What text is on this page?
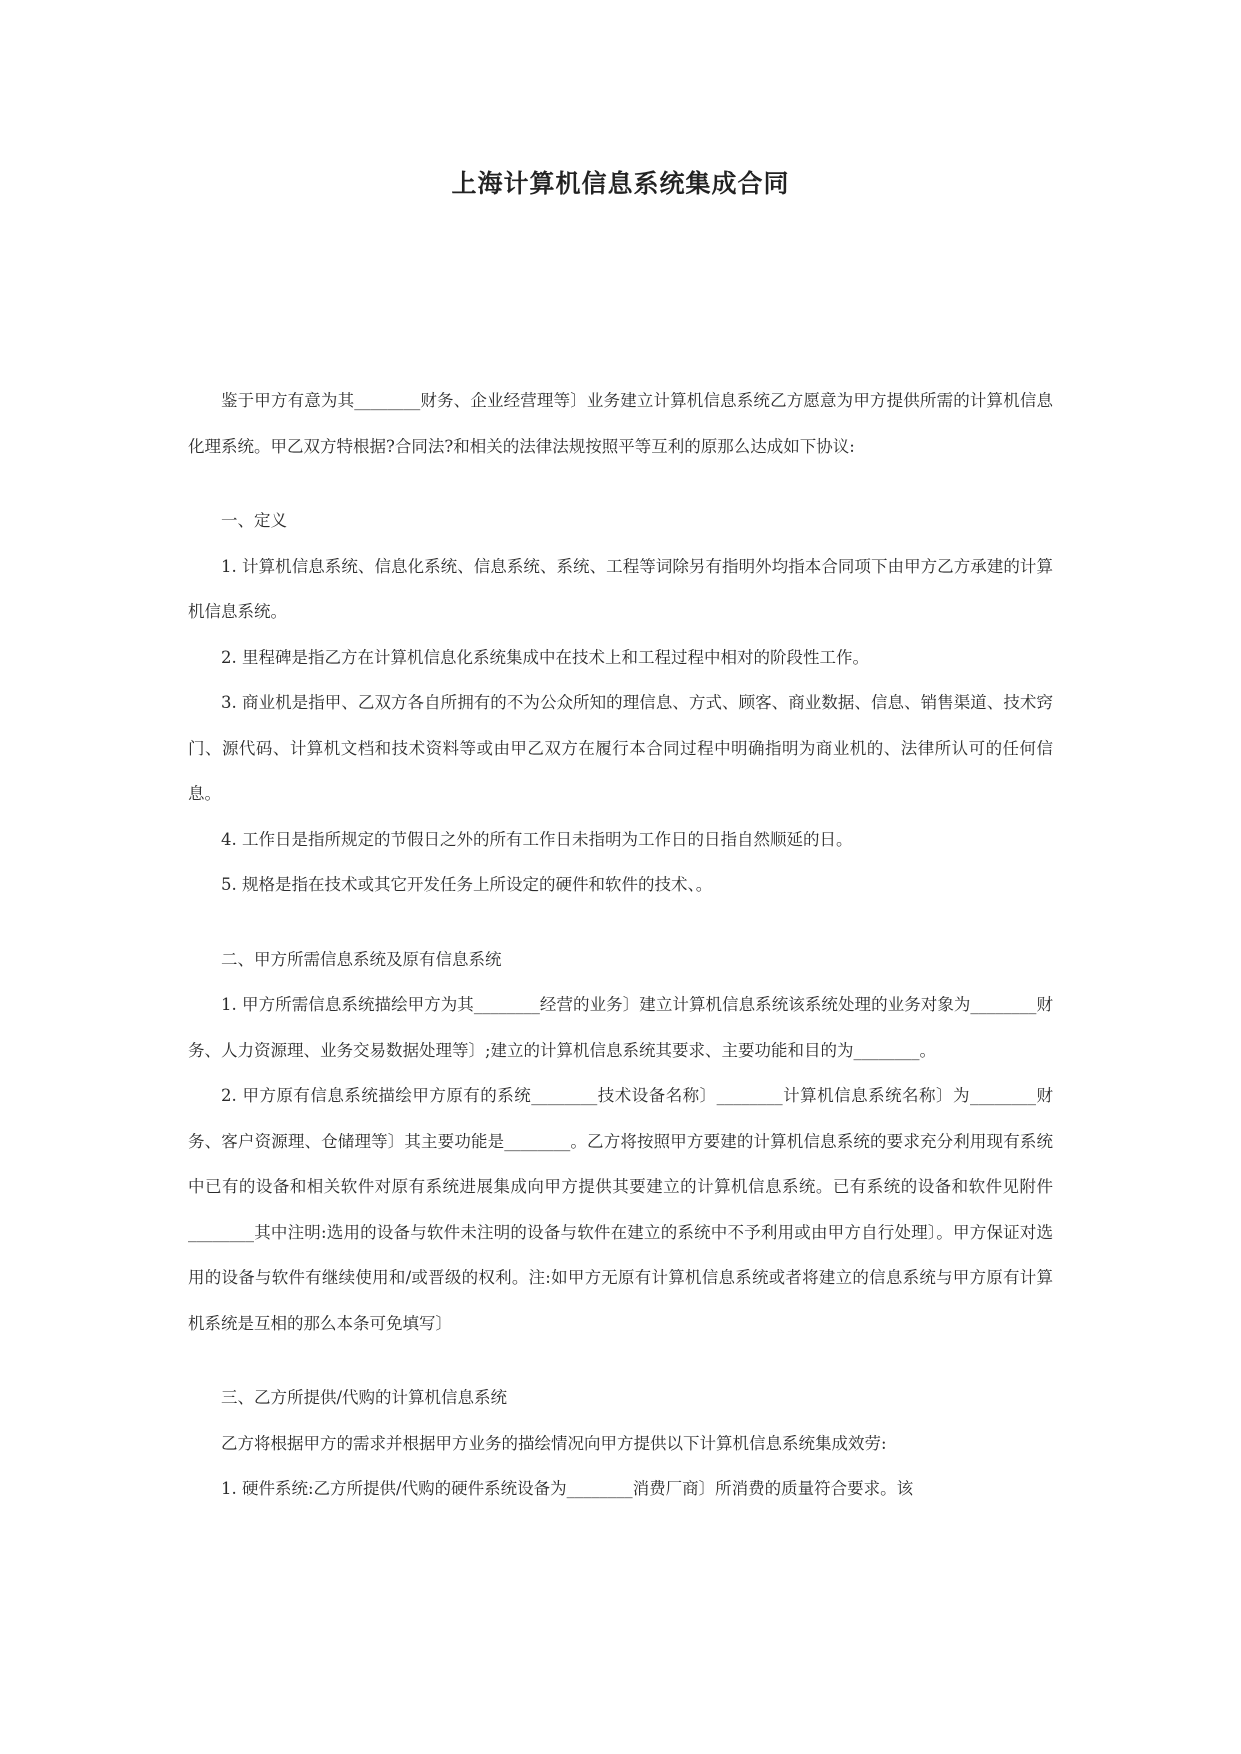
上海计算机信息系统集成合同

鉴于甲方有意为其________财务、企业经营理等〕业务建立计算机信息系统乙方愿意为甲方提供所需的计算机信息化理系统。甲乙双方特根据?合同法?和相关的法律法规按照平等互利的原那么达成如下协议:

一、定义

1. 计算机信息系统、信息化系统、信息系统、系统、工程等词除另有指明外均指本合同项下由甲方乙方承建的计算机信息系统。

2. 里程碑是指乙方在计算机信息化系统集成中在技术上和工程过程中相对的阶段性工作。

3. 商业机是指甲、乙双方各自所拥有的不为公众所知的理信息、方式、顾客、商业数据、信息、销售渠道、技术窍门、源代码、计算机文档和技术资料等或由甲乙双方在履行本合同过程中明确指明为商业机的、法律所认可的任何信息。

4. 工作日是指所规定的节假日之外的所有工作日未指明为工作日的日指自然顺延的日。

5. 规格是指在技术或其它开发任务上所设定的硬件和软件的技术、。

二、甲方所需信息系统及原有信息系统

1. 甲方所需信息系统描绘甲方为其________经营的业务〕建立计算机信息系统该系统处理的业务对象为________财务、人力资源理、业务交易数据处理等〕;建立的计算机信息系统其要求、主要功能和目的为________。

2. 甲方原有信息系统描绘甲方原有的系统________技术设备名称〕________计算机信息系统名称〕为________财务、客户资源理、仓储理等〕其主要功能是________。乙方将按照甲方要建的计算机信息系统的要求充分利用现有系统中已有的设备和相关软件对原有系统进展集成向甲方提供其要建立的计算机信息系统。已有系统的设备和软件见附件________其中注明:选用的设备与软件未注明的设备与软件在建立的系统中不予利用或由甲方自行处理〕。甲方保证对选用的设备与软件有继续使用和/或晋级的权利。注:如甲方无原有计算机信息系统或者将建立的信息系统与甲方原有计算机系统是互相的那么本条可免填写〕

三、乙方所提供/代购的计算机信息系统

乙方将根据甲方的需求并根据甲方业务的描绘情况向甲方提供以下计算机信息系统集成效劳:

1. 硬件系统:乙方所提供/代购的硬件系统设备为________消费厂商〕所消费的质量符合要求。该
